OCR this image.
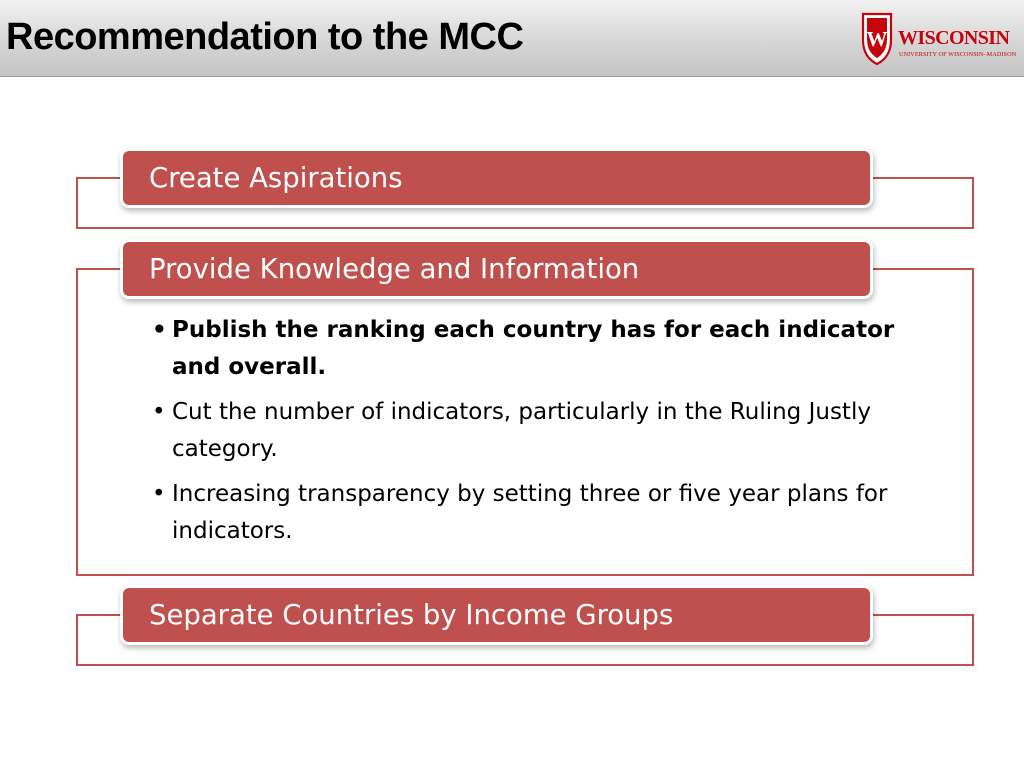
Recommendation to the MCC	W WISCONSIN
UNIVERSITY OF WISCONSIN–MADISON
Create Aspirations
Provide Knowledge and Information
• Publish the ranking each country has for each indicator and overall.
• Cut the number of indicators, particularly in the Ruling Justly category.
• Increasing transparency by setting three or five year plans for indicators.
Separate Countries by Income Groups
